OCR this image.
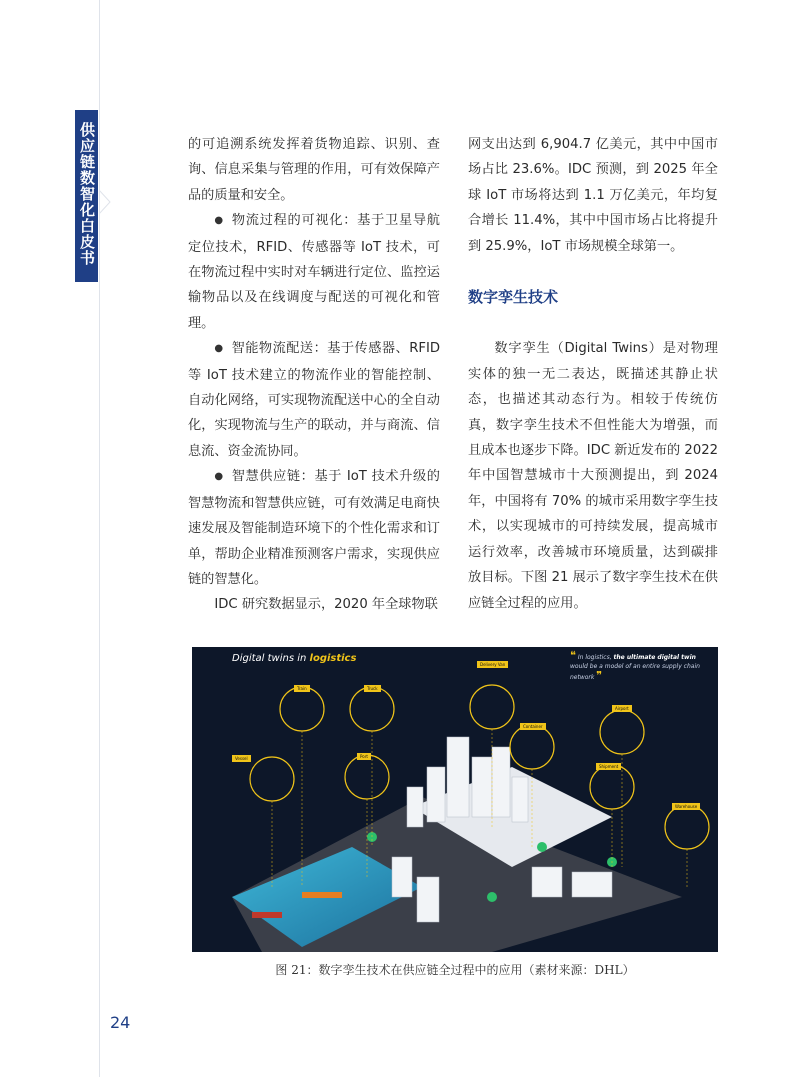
供应链数智化白皮书	的可追溯系统发挥着货物追踪、识别、查询、信息采集与管理的作用，可有效保障产品的质量和安全。

● 物流过程的可视化：基于卫星导航定位技术，RFID、传感器等 IoT 技术，可在物流过程中实时对车辆进行定位、监控运输物品以及在线调度与配送的可视化和管理。

● 智能物流配送：基于传感器、RFID 等 IoT 技术建立的物流作业的智能控制、自动化网络，可实现物流配送中心的全自动化，实现物流与生产的联动，并与商流、信息流、资金流协同。

● 智慧供应链：基于 IoT 技术升级的智慧物流和智慧供应链，可有效满足电商快速发展及智能制造环境下的个性化需求和订单，帮助企业精准预测客户需求，实现供应链的智慧化。

IDC 研究数据显示，2020 年全球物联

网支出达到 6,904.7 亿美元，其中中国市场占比 23.6%。IDC 预测，到 2025 年全球 IoT 市场将达到 1.1 万亿美元，年均复合增长 11.4%，其中中国市场占比将提升到 25.9%，IoT 市场规模全球第一。

数字孪生技术

数字孪生（Digital Twins）是对物理实体的独一无二表达，既描述其静止状态，也描述其动态行为。相较于传统仿真，数字孪生技术不但性能大为增强，而且成本也逐步下降。IDC 新近发布的 2022 年中国智慧城市十大预测提出，到 2024 年，中国将有 70% 的城市采用数字孪生技术，以实现城市的可持续发展，提高城市运行效率，改善城市环境质量，达到碳排放目标。下图 21 展示了数字孪生技术在供应链全过程的应用。

Digital twins in logistics	❝ In logistics, the ultimate digital twin would be a model of an entire supply chain network ❞
Vessel
Train	Truck
Port
Delivery Van
Container
Airport
Shipment
Warehouse
图 21：数字孪生技术在供应链全过程中的应用（素材来源：DHL）
24
